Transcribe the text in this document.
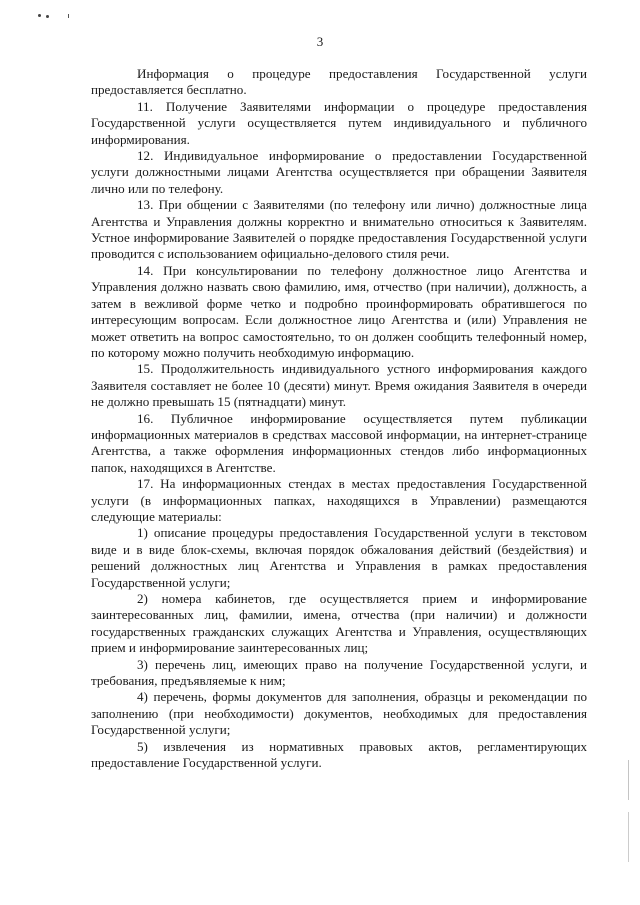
3

Информация о процедуре предоставления Государственной услуги предоставляется бесплатно.

11. Получение Заявителями информации о процедуре предоставления Государственной услуги осуществляется путем индивидуального и публичного информирования.

12. Индивидуальное информирование о предоставлении Государственной услуги должностными лицами Агентства осуществляется при обращении Заявителя лично или по телефону.

13. При общении с Заявителями (по телефону или лично) должностные лица Агентства и Управления должны корректно и внимательно относиться к Заявителям. Устное информирование Заявителей о порядке предоставления Государственной услуги проводится с использованием официально-делового стиля речи.

14. При консультировании по телефону должностное лицо Агентства и Управления должно назвать свою фамилию, имя, отчество (при наличии), должность, а затем в вежливой форме четко и подробно проинформировать обратившегося по интересующим вопросам. Если должностное лицо Агентства и (или) Управления не может ответить на вопрос самостоятельно, то он должен сообщить телефонный номер, по которому можно получить необходимую информацию.

15. Продолжительность индивидуального устного информирования каждого Заявителя составляет не более 10 (десяти) минут. Время ожидания Заявителя в очереди не должно превышать 15 (пятнадцати) минут.

16. Публичное информирование осуществляется путем публикации информационных материалов в средствах массовой информации, на интернет-странице Агентства, а также оформления информационных стендов либо информационных папок, находящихся в Агентстве.

17. На информационных стендах в местах предоставления Государственной услуги (в информационных папках, находящихся в Управлении) размещаются следующие материалы:

1) описание процедуры предоставления Государственной услуги в текстовом виде и в виде блок-схемы, включая порядок обжалования действий (бездействия) и решений должностных лиц Агентства и Управления в рамках предоставления Государственной услуги;

2) номера кабинетов, где осуществляется прием и информирование заинтересованных лиц, фамилии, имена, отчества (при наличии) и должности государственных гражданских служащих Агентства и Управления, осуществляющих прием и информирование заинтересованных лиц;

3) перечень лиц, имеющих право на получение Государственной услуги, и требования, предъявляемые к ним;

4) перечень, формы документов для заполнения, образцы и рекомендации по заполнению (при необходимости) документов, необходимых для предоставления Государственной услуги;

5) извлечения из нормативных правовых актов, регламентирующих предоставление Государственной услуги.
